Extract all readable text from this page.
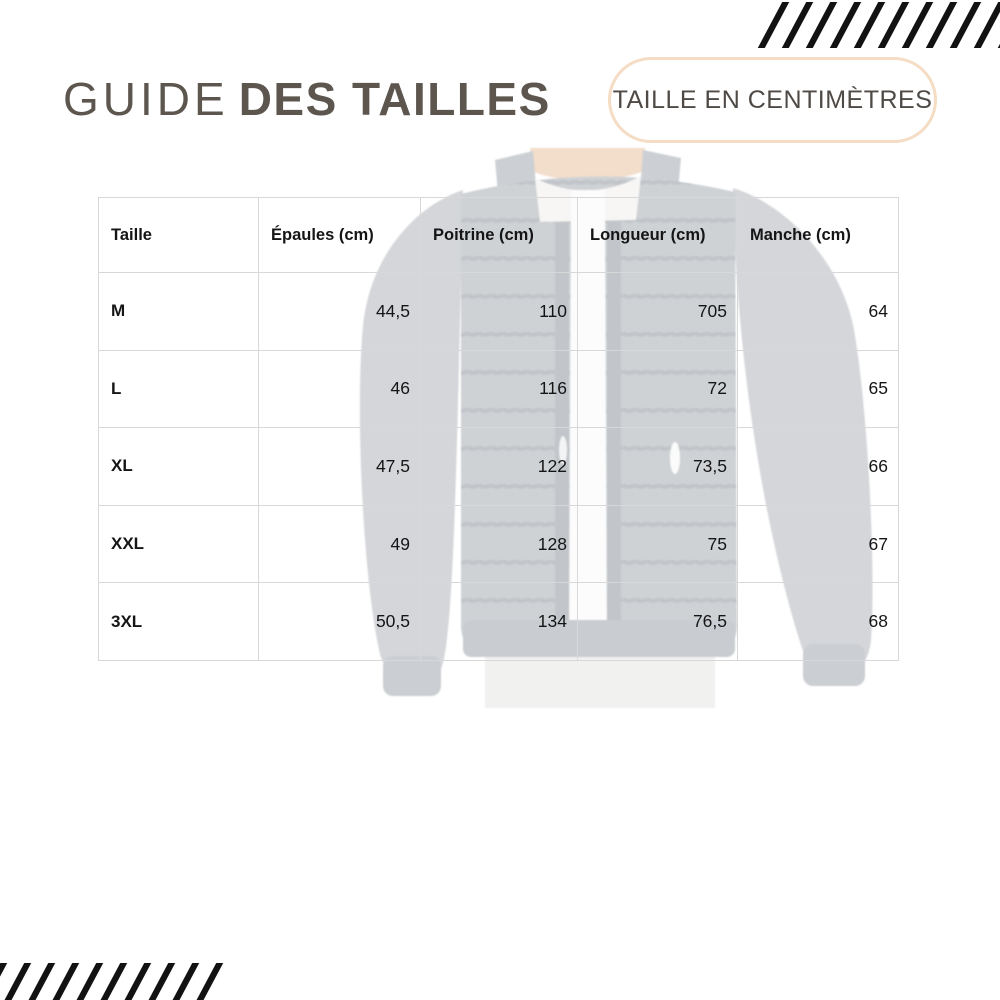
GUIDE DES TAILLES TAILLE EN CENTIMÈTRES
Taille	Épaules (cm)	Poitrine (cm)	Longueur (cm)	Manche (cm)
M	44,5	110	705	64
L	46	116	72	65
XL	47,5	122	73,5	66
XXL	49	128	75	67
3XL	50,5	134	76,5	68
